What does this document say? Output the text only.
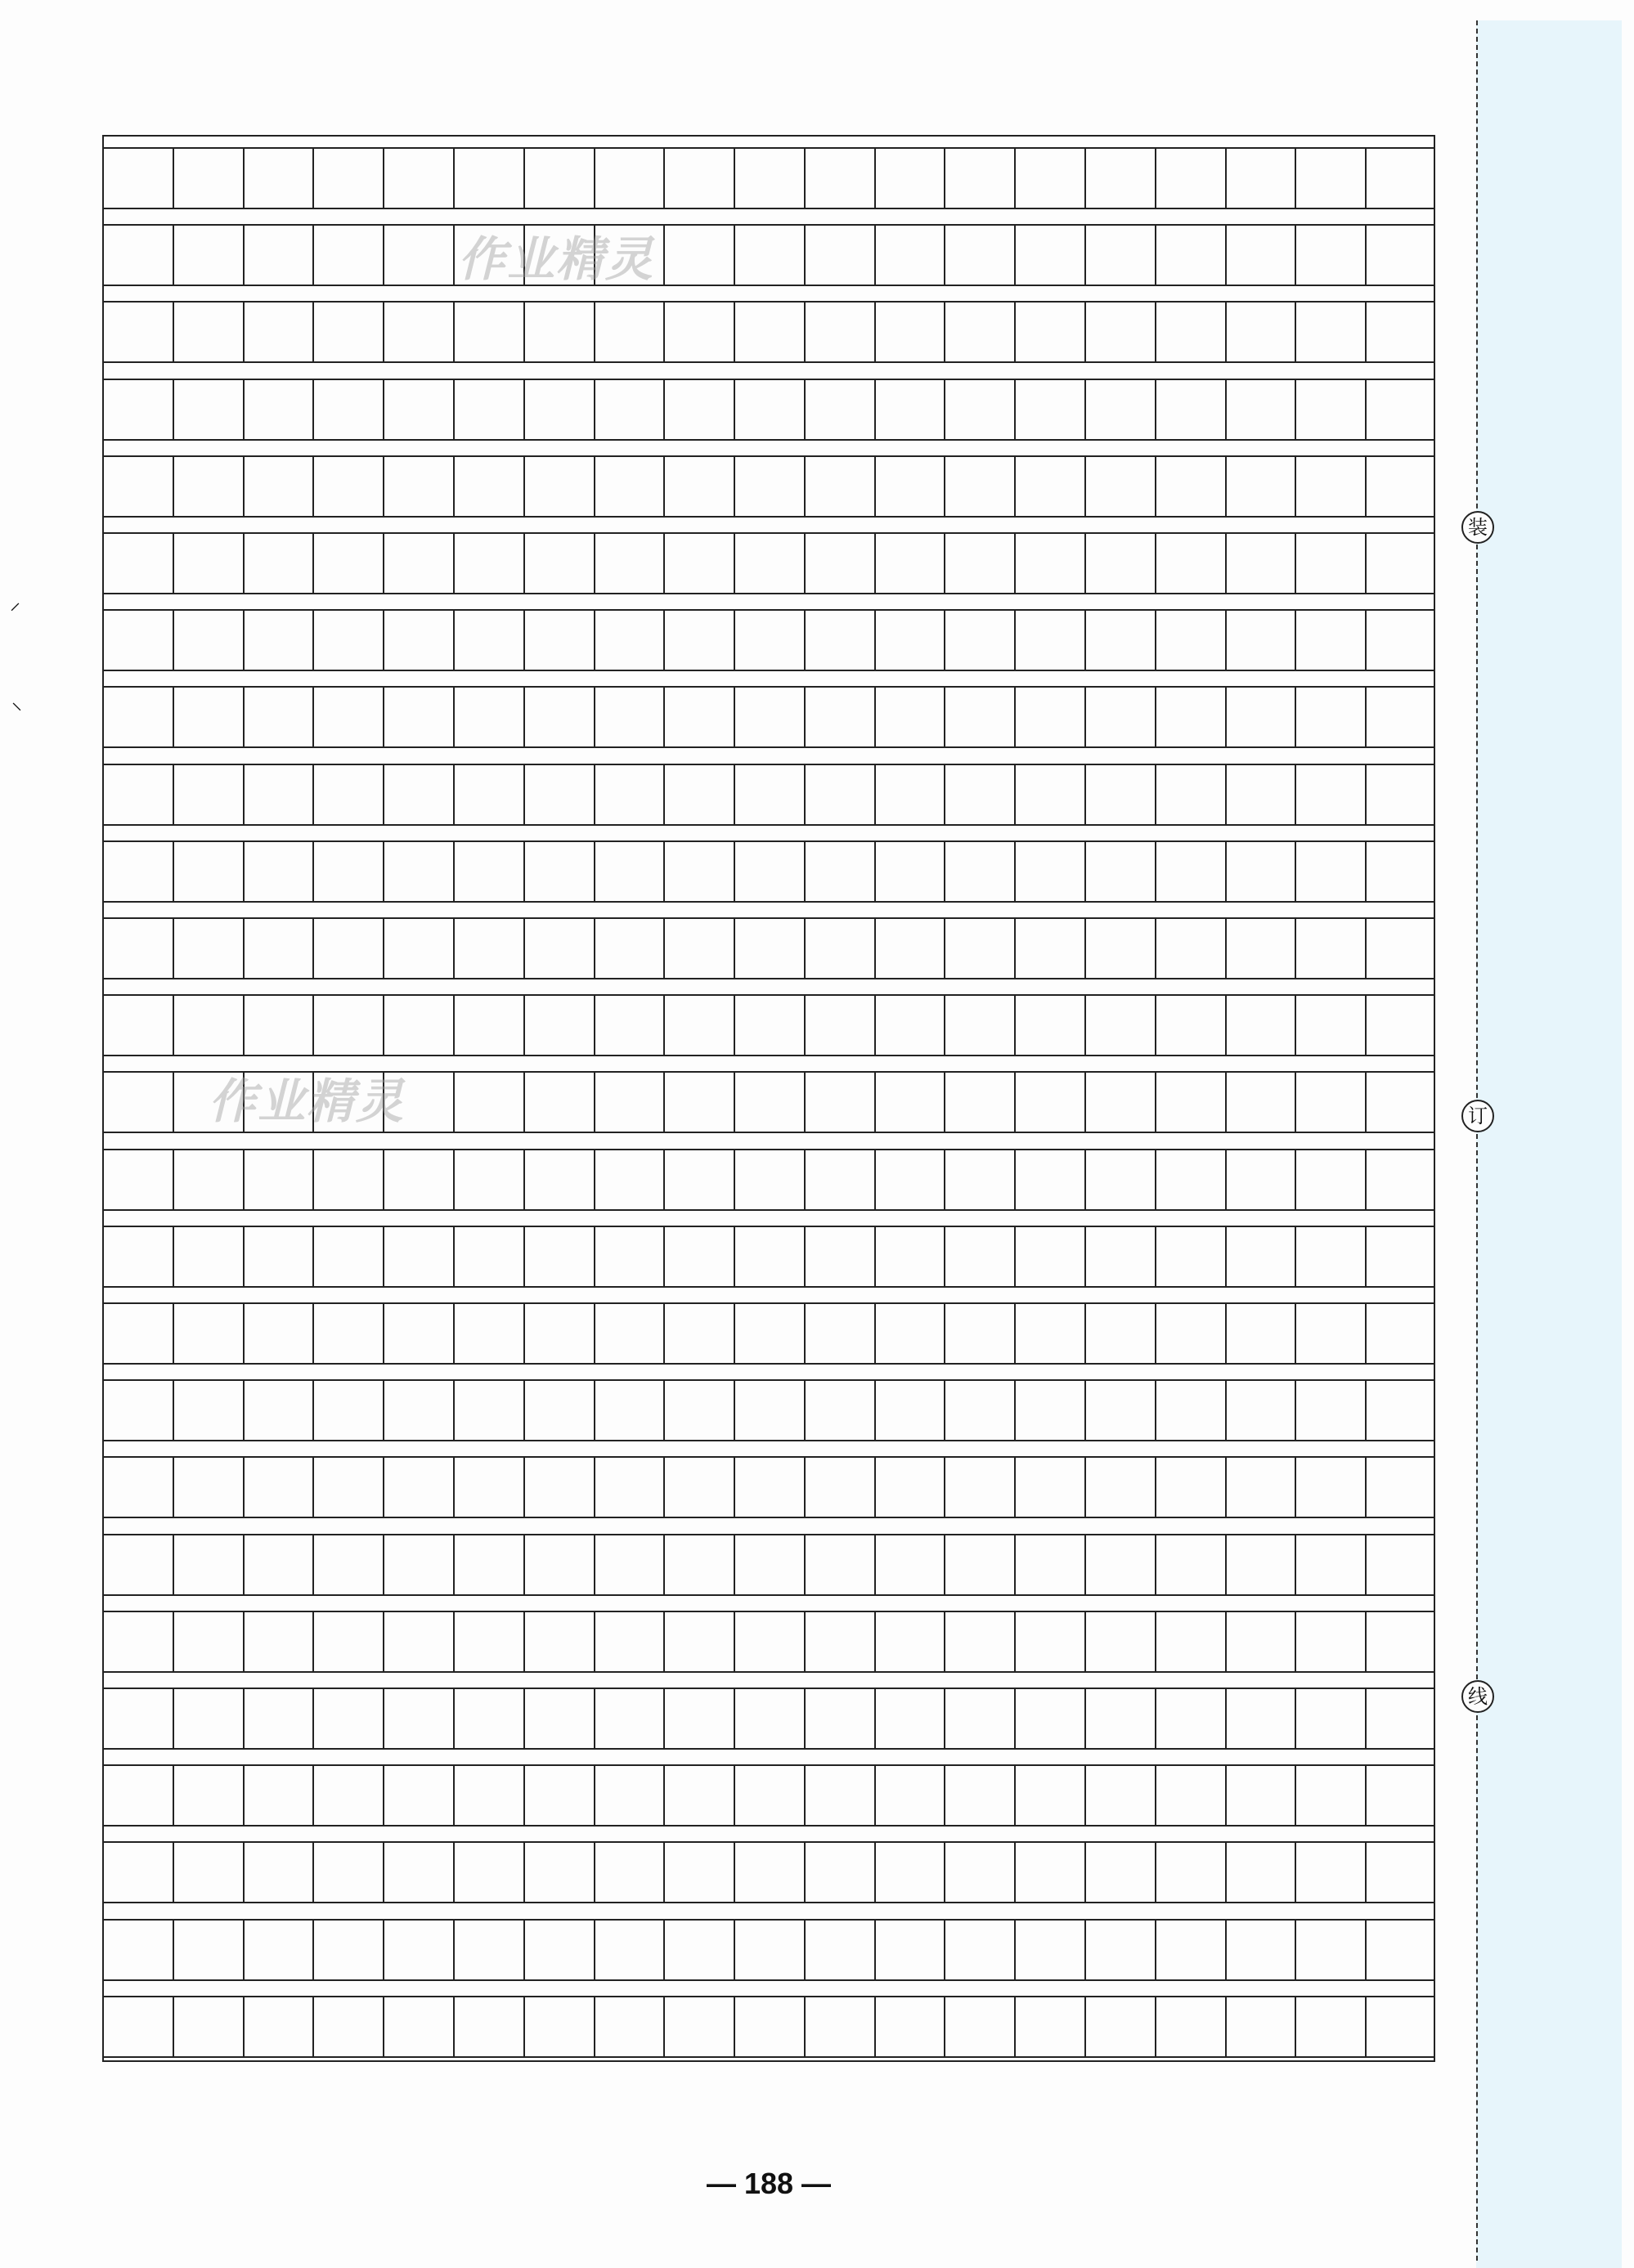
装
订
线
⸍
⸌
作业精灵
作业精灵
— 188 —
